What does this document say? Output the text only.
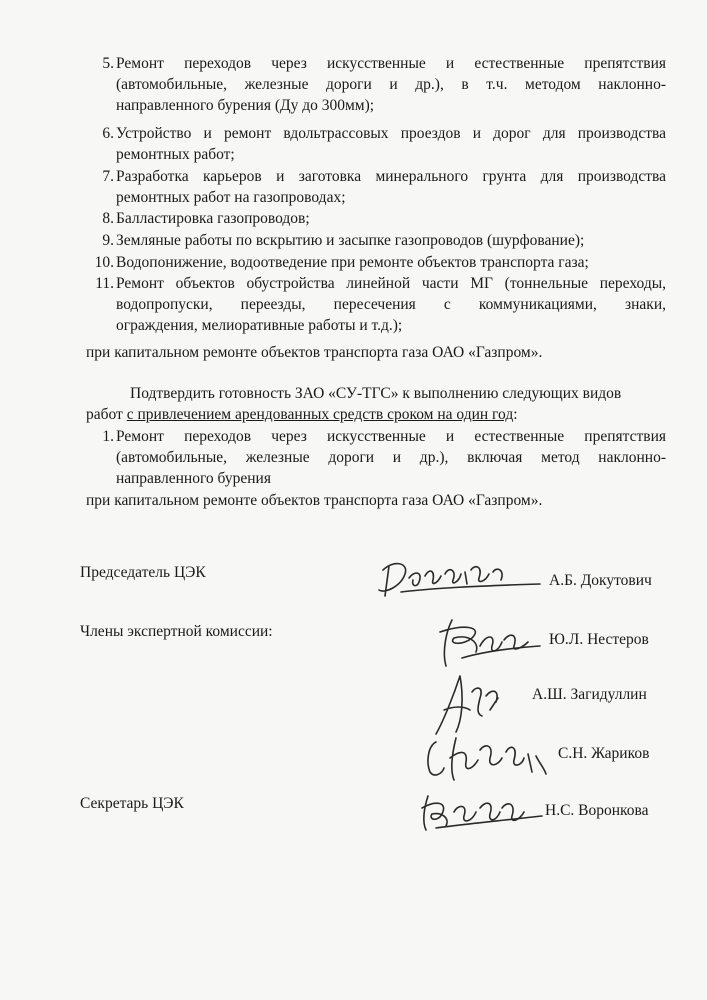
5. Ремонт переходов через искусственные и естественные препятствия
(автомобильные, железные дороги и др.), в т.ч. методом наклонно-
направленного бурения (Ду до 300мм);
6. Устройство и ремонт вдольтрассовых проездов и дорог для производства
ремонтных работ;
7. Разработка карьеров и заготовка минерального грунта для производства
ремонтных работ на газопроводах;
8. Балластировка газопроводов;
9. Земляные работы по вскрытию и засыпке газопроводов (шурфование);
10. Водопонижение, водоотведение при ремонте объектов транспорта газа;
11. Ремонт объектов обустройства линейной части МГ (тоннельные переходы,
водопропуски, переезды, пересечения с коммуникациями, знаки,
ограждения, мелиоративные работы и т.д.);
при капитальном ремонте объектов транспорта газа ОАО «Газпром».
Подтвердить готовность ЗАО «СУ-ТГС» к выполнению следующих видов
работ с привлечением арендованных средств сроком на один год:
1. Ремонт переходов через искусственные и естественные препятствия
(автомобильные, железные дороги и др.), включая метод наклонно-
направленного бурения
при капитальном ремонте объектов транспорта газа ОАО «Газпром».
Председатель ЦЭК	А.Б. Докутович
Члены экспертной комиссии:	Ю.Л. Нестеров
А.Ш. Загидуллин
С.Н. Жариков
Секретарь ЦЭК	Н.С. Воронкова
